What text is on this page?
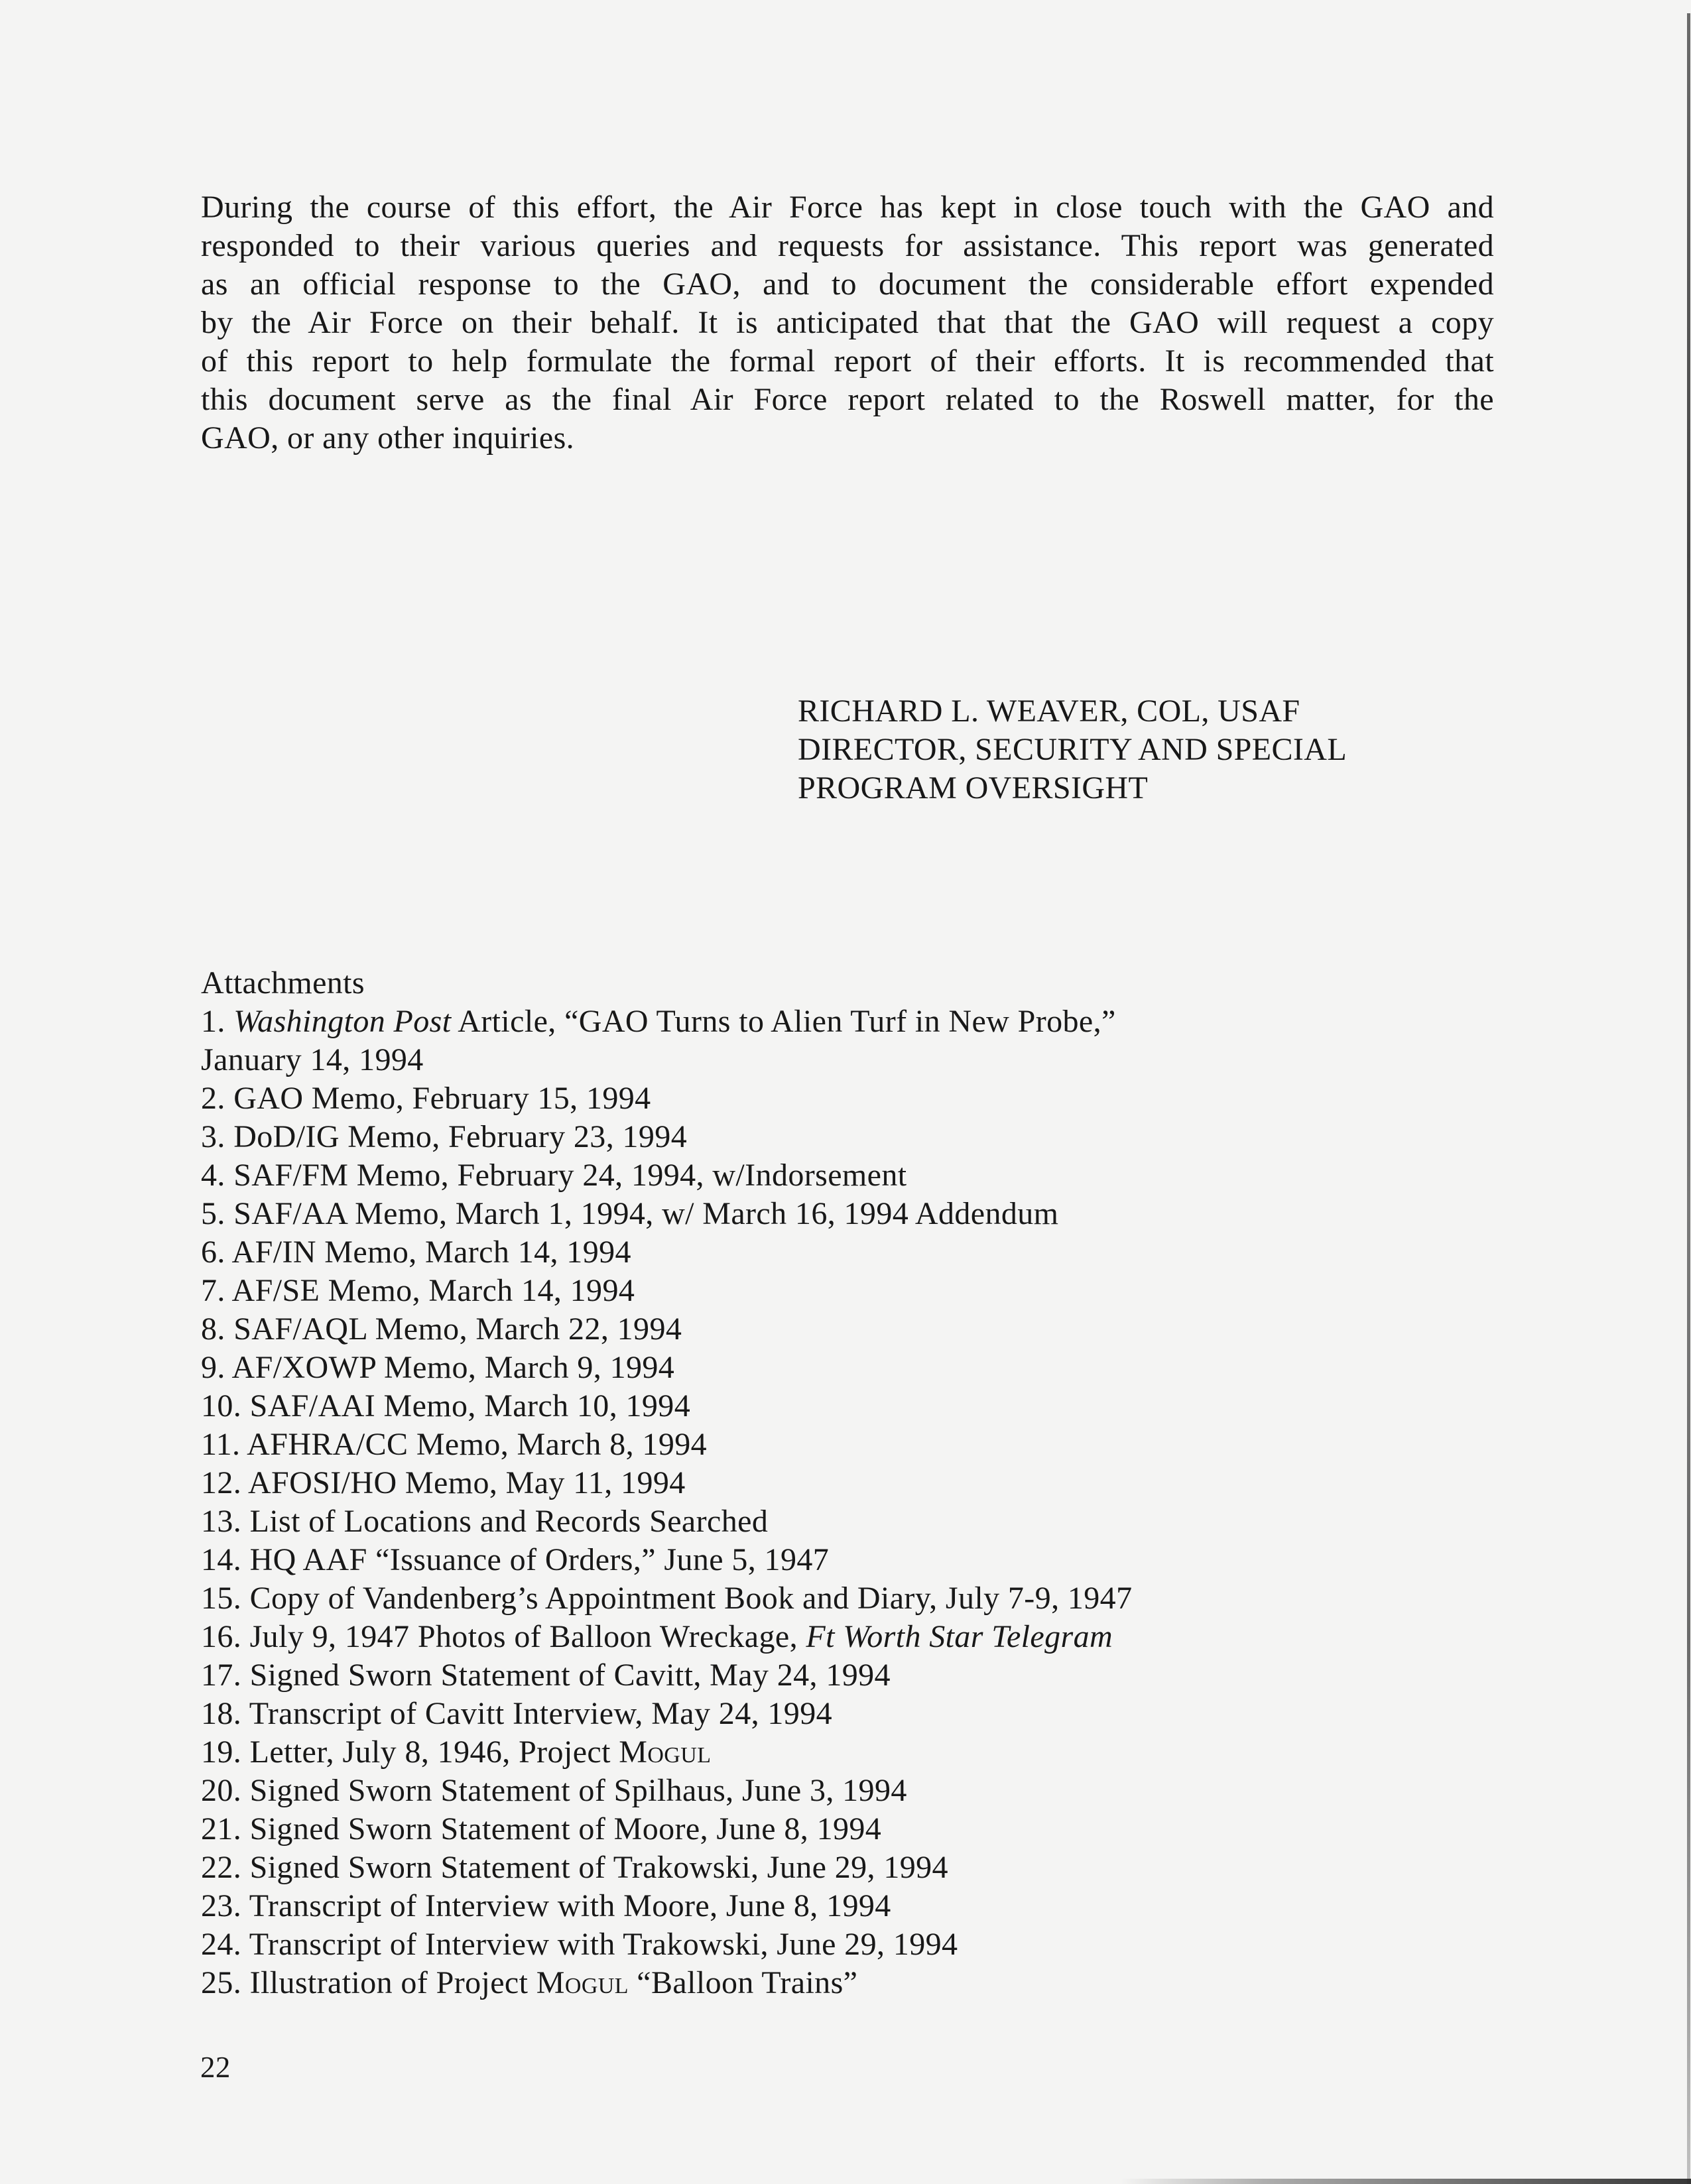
During the course of this effort, the Air Force has kept in close touch with the GAO and
responded to their various queries and requests for assistance. This report was generated
as an official response to the GAO, and to document the considerable effort expended
by the Air Force on their behalf. It is anticipated that that the GAO will request a copy
of this report to help formulate the formal report of their efforts. It is recommended that
this document serve as the final Air Force report related to the Roswell matter, for the
GAO, or any other inquiries.
RICHARD L. WEAVER, COL, USAF
DIRECTOR, SECURITY AND SPECIAL
PROGRAM OVERSIGHT
Attachments
1. Washington Post Article, “GAO Turns to Alien Turf in New Probe,”
January 14, 1994
2. GAO Memo, February 15, 1994
3. DoD/IG Memo, February 23, 1994
4. SAF/FM Memo, February 24, 1994, w/Indorsement
5. SAF/AA Memo, March 1, 1994, w/ March 16, 1994 Addendum
6. AF/IN Memo, March 14, 1994
7. AF/SE Memo, March 14, 1994
8. SAF/AQL Memo, March 22, 1994
9. AF/XOWP Memo, March 9, 1994
10. SAF/AAI Memo, March 10, 1994
11. AFHRA/CC Memo, March 8, 1994
12. AFOSI/HO Memo, May 11, 1994
13. List of Locations and Records Searched
14. HQ AAF “Issuance of Orders,” June 5, 1947
15. Copy of Vandenberg’s Appointment Book and Diary, July 7-9, 1947
16. July 9, 1947 Photos of Balloon Wreckage, Ft Worth Star Telegram
17. Signed Sworn Statement of Cavitt, May 24, 1994
18. Transcript of Cavitt Interview, May 24, 1994
19. Letter, July 8, 1946, Project Mogul
20. Signed Sworn Statement of Spilhaus, June 3, 1994
21. Signed Sworn Statement of Moore, June 8, 1994
22. Signed Sworn Statement of Trakowski, June 29, 1994
23. Transcript of Interview with Moore, June 8, 1994
24. Transcript of Interview with Trakowski, June 29, 1994
25. Illustration of Project Mogul “Balloon Trains”
22
